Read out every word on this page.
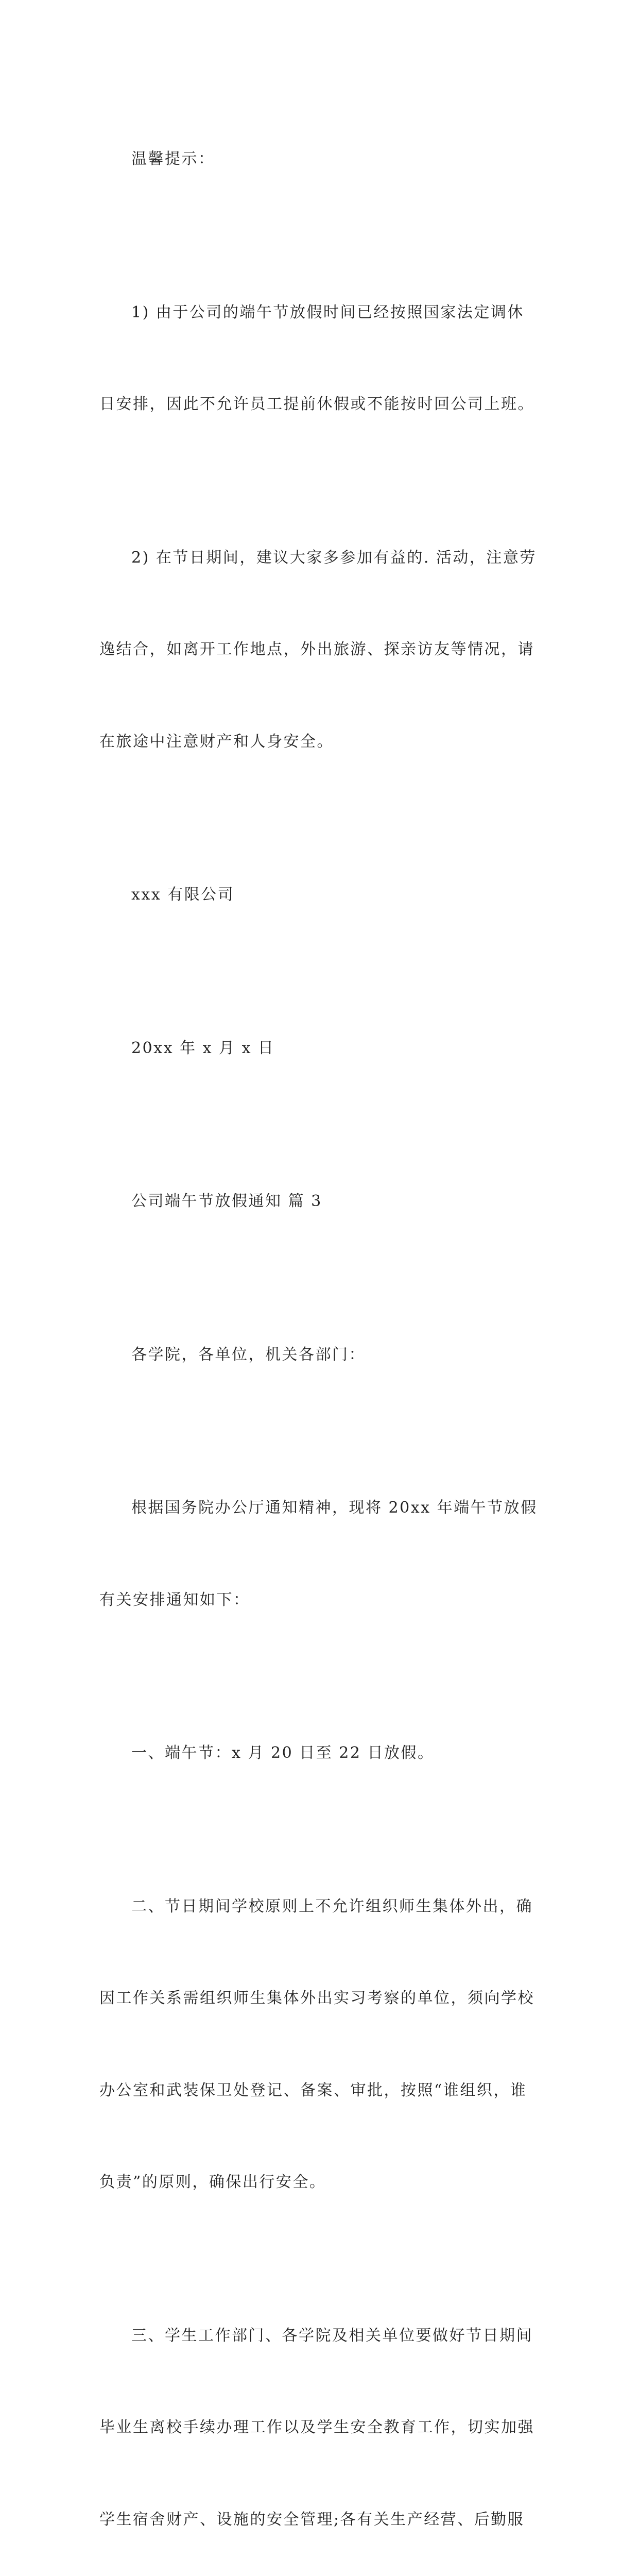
温馨提示：

1) 由于公司的端午节放假时间已经按照国家法定调休

日安排，因此不允许员工提前休假或不能按时回公司上班。

2) 在节日期间，建议大家多参加有益的. 活动，注意劳

逸结合，如离开工作地点，外出旅游、探亲访友等情况，请

在旅途中注意财产和人身安全。

xxx 有限公司

20xx 年 x 月 x 日

公司端午节放假通知 篇 3

各学院，各单位，机关各部门：

根据国务院办公厅通知精神，现将 20xx 年端午节放假

有关安排通知如下：

一、端午节：x 月 20 日至 22 日放假。

二、节日期间学校原则上不允许组织师生集体外出，确

因工作关系需组织师生集体外出实习考察的单位，须向学校

办公室和武装保卫处登记、备案、审批，按照“谁组织，谁

负责”的原则，确保出行安全。

三、学生工作部门、各学院及相关单位要做好节日期间

毕业生离校手续办理工作以及学生安全教育工作，切实加强

学生宿舍财产、设施的安全管理;各有关生产经营、后勤服
